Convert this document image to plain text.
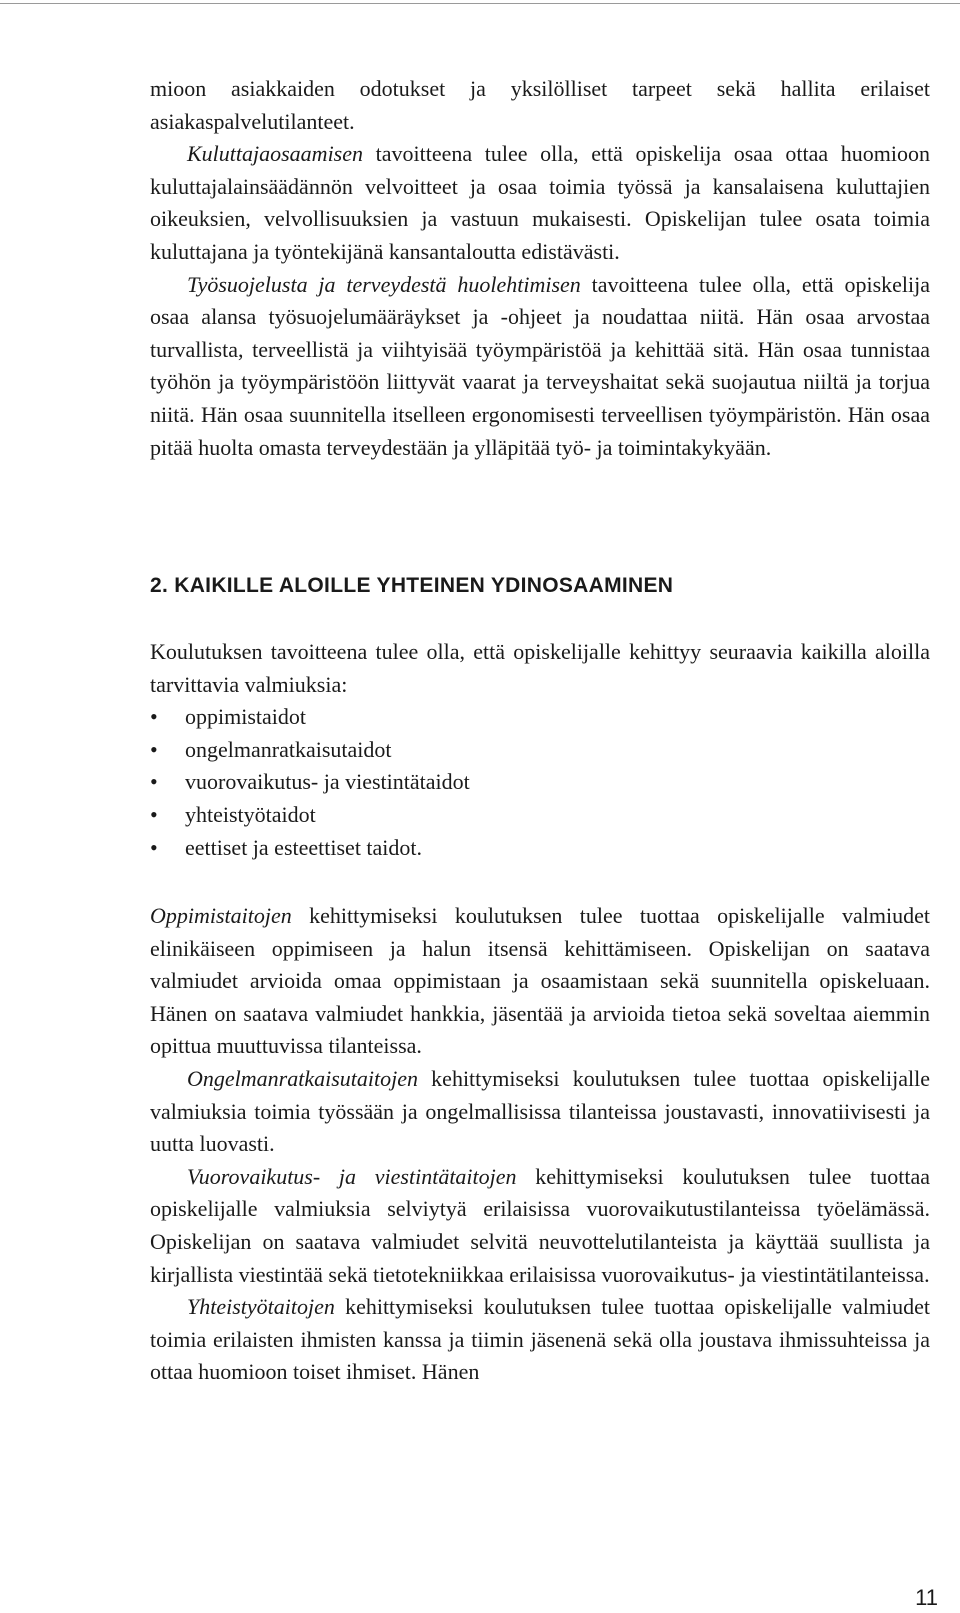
mioon asiakkaiden odotukset ja yksilölliset tarpeet sekä hallita erilaiset asiakaspalvelutilanteet.

Kuluttajaosaamisen tavoitteena tulee olla, että opiskelija osaa ottaa huomioon kuluttajalainsäädännön velvoitteet ja osaa toimia työssä ja kansalaisena kuluttajien oikeuksien, velvollisuuksien ja vastuun mukaisesti. Opiskelijan tulee osata toimia kuluttajana ja työntekijänä kansantaloutta edistävästi.

Työsuojelusta ja terveydestä huolehtimisen tavoitteena tulee olla, että opiskelija osaa alansa työsuojelumääräykset ja -ohjeet ja noudattaa niitä. Hän osaa arvostaa turvallista, terveellistä ja viihtyisää työympäristöä ja kehittää sitä. Hän osaa tunnistaa työhön ja työympäristöön liittyvät vaarat ja terveyshaitat sekä suojautua niiltä ja torjua niitä. Hän osaa suunnitella itselleen ergonomisesti terveellisen työympäristön. Hän osaa pitää huolta omasta terveydestään ja ylläpitää työ- ja toimintakykyään.

2. KAIKILLE ALOILLE YHTEINEN YDINOSAAMINEN

Koulutuksen tavoitteena tulee olla, että opiskelijalle kehittyy seuraavia kaikilla aloilla tarvittavia valmiuksia:

• oppimistaidot
• ongelmanratkaisutaidot
• vuorovaikutus- ja viestintätaidot
• yhteistyötaidot
• eettiset ja esteettiset taidot.

Oppimistaitojen kehittymiseksi koulutuksen tulee tuottaa opiskelijalle valmiudet elinikäiseen oppimiseen ja halun itsensä kehittämiseen. Opiskelijan on saatava valmiudet arvioida omaa oppimistaan ja osaamistaan sekä suunnitella opiskeluaan. Hänen on saatava valmiudet hankkia, jäsentää ja arvioida tietoa sekä soveltaa aiemmin opittua muuttuvissa tilanteissa.

Ongelmanratkaisutaitojen kehittymiseksi koulutuksen tulee tuottaa opiskelijalle valmiuksia toimia työssään ja ongelmallisissa tilanteissa joustavasti, innovatiivisesti ja uutta luovasti.

Vuorovaikutus- ja viestintätaitojen kehittymiseksi koulutuksen tulee tuottaa opiskelijalle valmiuksia selviytyä erilaisissa vuorovaikutustilanteissa työelämässä. Opiskelijan on saatava valmiudet selvitä neuvottelutilanteista ja käyttää suullista ja kirjallista viestintää sekä tietotekniikkaa erilaisissa vuorovaikutus- ja viestintätilanteissa.

Yhteistyötaitojen kehittymiseksi koulutuksen tulee tuottaa opiskelijalle valmiudet toimia erilaisten ihmisten kanssa ja tiimin jäsenenä sekä olla joustava ihmissuhteissa ja ottaa huomioon toiset ihmiset. Hänen

11
